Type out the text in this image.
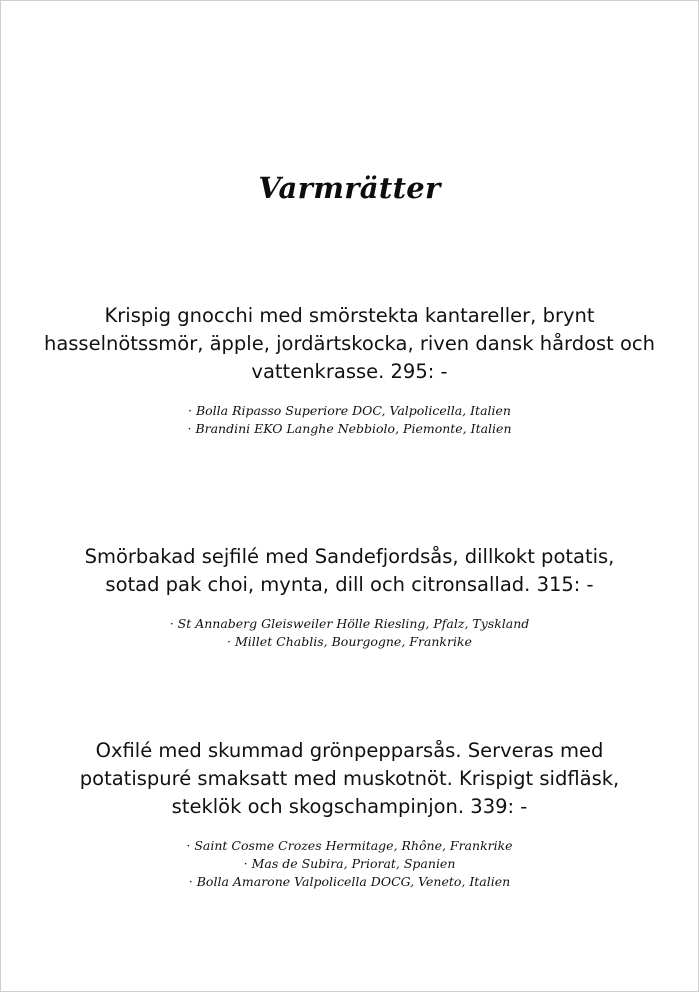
Varmrätter
Krispig gnocchi med smörstekta kantareller, brynt hasselnötssmör, äpple, jordärtskocka, riven dansk hårdost och vattenkrasse. 295: -
· Bolla Ripasso Superiore DOC, Valpolicella, Italien
· Brandini EKO Langhe Nebbiolo, Piemonte, Italien
Smörbakad sejfilé med Sandefjordsås, dillkokt potatis, sotad pak choi, mynta, dill och citronsallad. 315: -
· St Annaberg Gleisweiler Hölle Riesling, Pfalz, Tyskland
· Millet Chablis, Bourgogne, Frankrike
Oxfilé med skummad grönpepparsås. Serveras med potatispuré smaksatt med muskotnöt. Krispigt sidfläsk, steklök och skogschampinjon. 339: -
· Saint Cosme Crozes Hermitage, Rhône, Frankrike
· Mas de Subira, Priorat, Spanien
· Bolla Amarone Valpolicella DOCG, Veneto, Italien
